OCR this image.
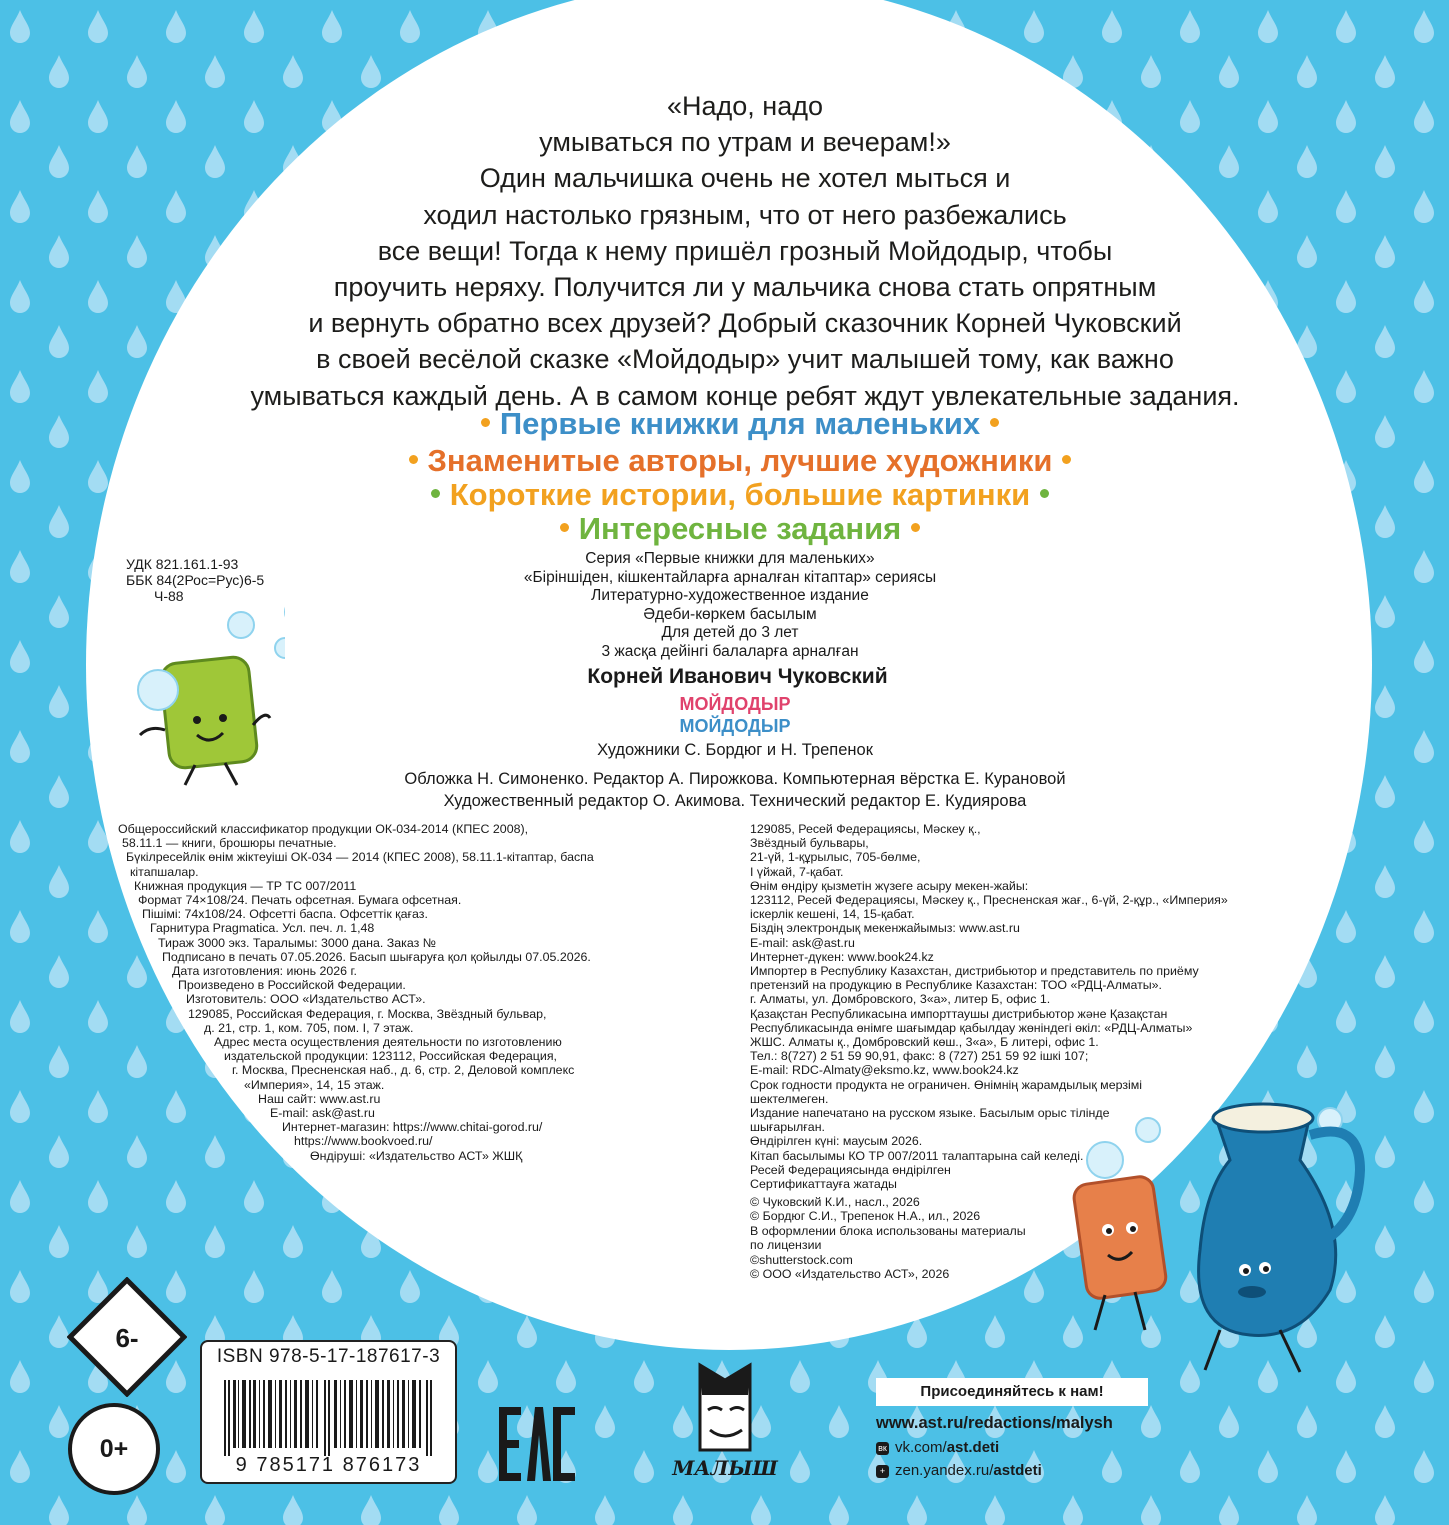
«Надо, надо
умываться по утрам и вечерам!»
Один мальчишка очень не хотел мыться и
ходил настолько грязным, что от него разбежались
все вещи! Тогда к нему пришёл грозный Мойдодыр, чтобы
проучить неряху. Получится ли у мальчика снова стать опрятным
и вернуть обратно всех друзей? Добрый сказочник Корней Чуковский
в своей весёлой сказке «Мойдодыр» учит малышей тому, как важно
умываться каждый день. А в самом конце ребят ждут увлекательные задания.
Первые книжки для маленьких
Знаменитые авторы, лучшие художники
Короткие истории, большие картинки
Интересные задания
УДК 821.161.1-93
ББК 84(2Рос=Рус)6-5
Ч-88
Серия «Первые книжки для маленьких»
«Біріншіден, кішкентайларға арналған кітаптар» сериясы
Литературно-художественное издание
Әдеби-көркем басылым
Для детей до 3 лет
3 жасқа дейінгі балаларға арналған
Корней Иванович Чуковский
МОЙДОДЫР
МОЙДОДЫР
Художники С. Бордюг и Н. Трепенок
Обложка Н. Симоненко. Редактор А. Пирожкова. Компьютерная вёрстка Е. Курановой
Художественный редактор О. Акимова. Технический редактор Е. Кудиярова
Общероссийский классификатор продукции ОК-034-2014 (КПЕС 2008),
58.11.1 — книги, брошюры печатные.
Бүкілресейлік өнім жіктеуіші ОК-034 — 2014 (КПЕС 2008), 58.11.1-кітаптар, баспа
кітапшалар.
Книжная продукция — ТР ТС 007/2011
Формат 74×108/24. Печать офсетная. Бумага офсетная.
Пішімі: 74х108/24. Офсетті баспа. Офсеттік қағаз.
Гарнитура Pragmatica. Усл. печ. л. 1,48
Тираж 3000 экз. Таралымы: 3000 дана. Заказ №
Подписано в печать 07.05.2026. Басып шығаруға қол қойылды 07.05.2026.
Дата изготовления: июнь 2026 г.
Произведено в Российской Федерации.
Изготовитель: ООО «Издательство АСТ».
129085, Российская Федерация, г. Москва, Звёздный бульвар,
д. 21, стр. 1, ком. 705, пом. I, 7 этаж.
Адрес места осуществления деятельности по изготовлению
издательской продукции: 123112, Российская Федерация,
г. Москва, Пресненская наб., д. 6, стр. 2, Деловой комплекс
«Империя», 14, 15 этаж.
Наш сайт: www.ast.ru
E-mail: ask@ast.ru
Интернет-магазин: https://www.chitai-gorod.ru/
https://www.bookvoed.ru/
Өндіруші: «Издательство АСТ» ЖШҚ
129085, Ресей Федерациясы, Мәскеу қ.,
Звёздный бульвары,
21-үй, 1-құрылыс, 705-бөлме,
І үйжай, 7-қабат.
Өнім өндіру қызметін жүзеге асыру мекен-жайы:
123112, Ресей Федерациясы, Мәскеу қ., Пресненская жағ., 6-үй, 2-құр., «Империя»
іскерлік кешені, 14, 15-қабат.
Біздің электрондық мекенжайымыз: www.ast.ru
E-mail: ask@ast.ru
Интернет-дүкен: www.book24.kz
Импортер в Республику Казахстан, дистрибьютор и представитель по приёму
претензий на продукцию в Республике Казахстан: ТОО «РДЦ-Алматы».
г. Алматы, ул. Домбровского, 3«а», литер Б, офис 1.
Қазақстан Республикасына импорттаушы дистрибьютор және Қазақстан
Республикасында өнімге шағымдар қабылдау жөніндегі өкіл: «РДЦ-Алматы»
ЖШС. Алматы қ., Домбровский көш., 3«а», Б литері, офис 1.
Тел.: 8(727) 2 51 59 90,91, факс: 8 (727) 251 59 92 ішкі 107;
E-mail: RDC-Almaty@eksmo.kz, www.book24.kz
Срок годности продукта не ограничен. Өнімнің жарамдылық мерзімі
шектелмеген.
Издание напечатано на русском языке. Басылым орыс тілінде
шығарылған.
Өндірілген күні: маусым 2026.
Кітап басылымы КО ТР 007/2011 талаптарына сай келеді.
Ресей Федерациясында өндірілген
Сертификаттауға жатады
© Чуковский К.И., насл., 2026
© Бордюг С.И., Трепенок Н.А., ил., 2026
В оформлении блока использованы материалы
по лицензии
©shutterstock.com
© ООО «Издательство АСТ», 2026
6-
0+
ISBN 978-5-17-187617-3
9 785171 876173	МАЛЫШ
Присоединяйтесь к нам!
www.ast.ru/redactions/malysh
вк vk.com/ast.deti
+ zen.yandex.ru/astdeti
